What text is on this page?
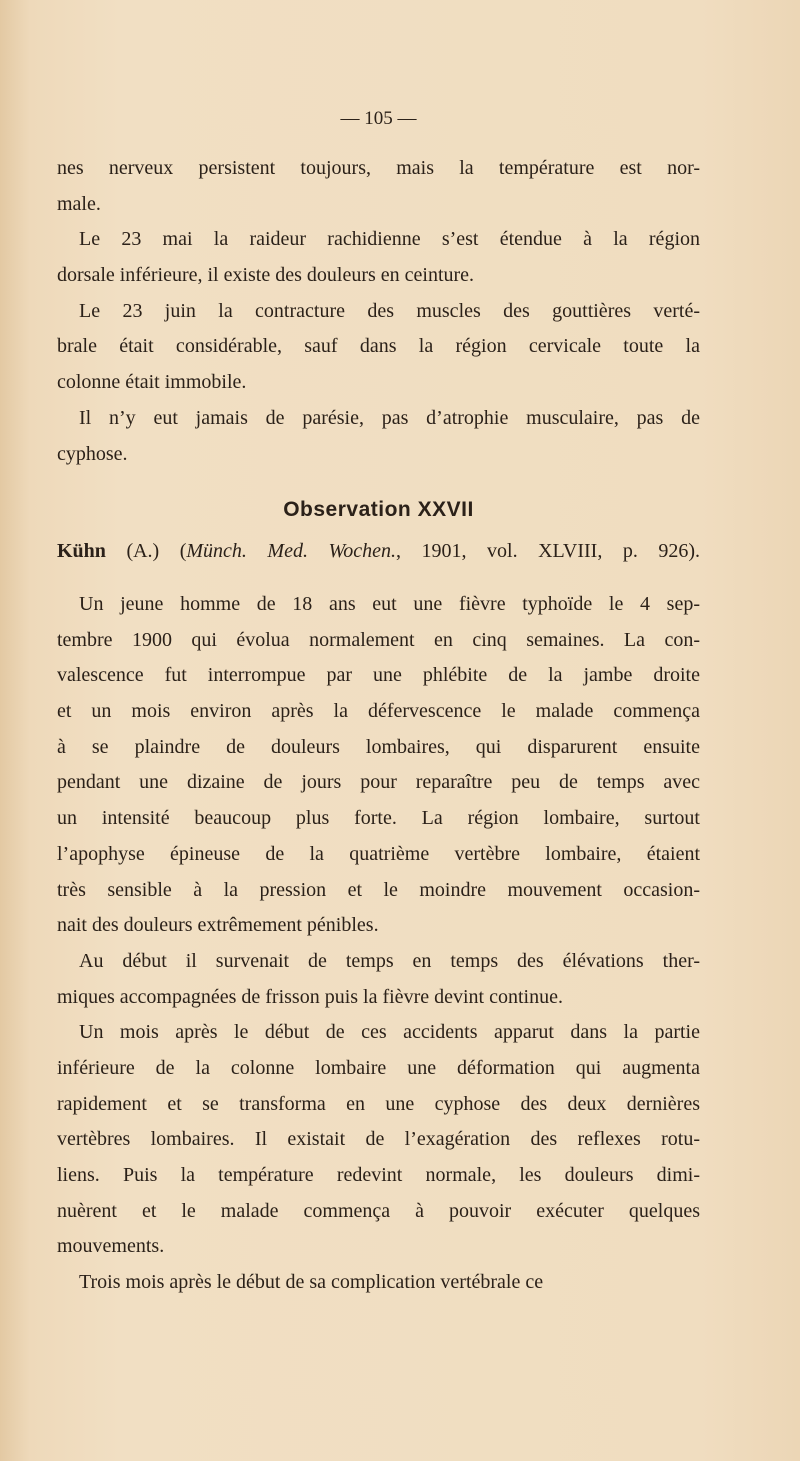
— 105 —
nes nerveux persistent toujours, mais la température est nor-
male.
Le 23 mai la raideur rachidienne s’est étendue à la région
dorsale inférieure, il existe des douleurs en ceinture.
Le 23 juin la contracture des muscles des gouttières verté-
brale était considérable, sauf dans la région cervicale toute la
colonne était immobile.
Il n’y eut jamais de parésie, pas d’atrophie musculaire, pas de
cyphose.
Observation XXVII
Kühn (A.) (Münch. Med. Wochen., 1901, vol. XLVIII, p. 926).
Un jeune homme de 18 ans eut une fièvre typhoïde le 4 sep-
tembre 1900 qui évolua normalement en cinq semaines. La con-
valescence fut interrompue par une phlébite de la jambe droite
et un mois environ après la défervescence le malade commença
à se plaindre de douleurs lombaires, qui disparurent ensuite
pendant une dizaine de jours pour reparaître peu de temps avec
un intensité beaucoup plus forte. La région lombaire, surtout
l’apophyse épineuse de la quatrième vertèbre lombaire, étaient
très sensible à la pression et le moindre mouvement occasion-
nait des douleurs extrêmement pénibles.
Au début il survenait de temps en temps des élévations ther-
miques accompagnées de frisson puis la fièvre devint continue.
Un mois après le début de ces accidents apparut dans la partie
inférieure de la colonne lombaire une déformation qui augmenta
rapidement et se transforma en une cyphose des deux dernières
vertèbres lombaires. Il existait de l’exagération des reflexes rotu-
liens. Puis la température redevint normale, les douleurs dimi-
nuèrent et le malade commença à pouvoir exécuter quelques
mouvements.
Trois mois après le début de sa complication vertébrale ce
